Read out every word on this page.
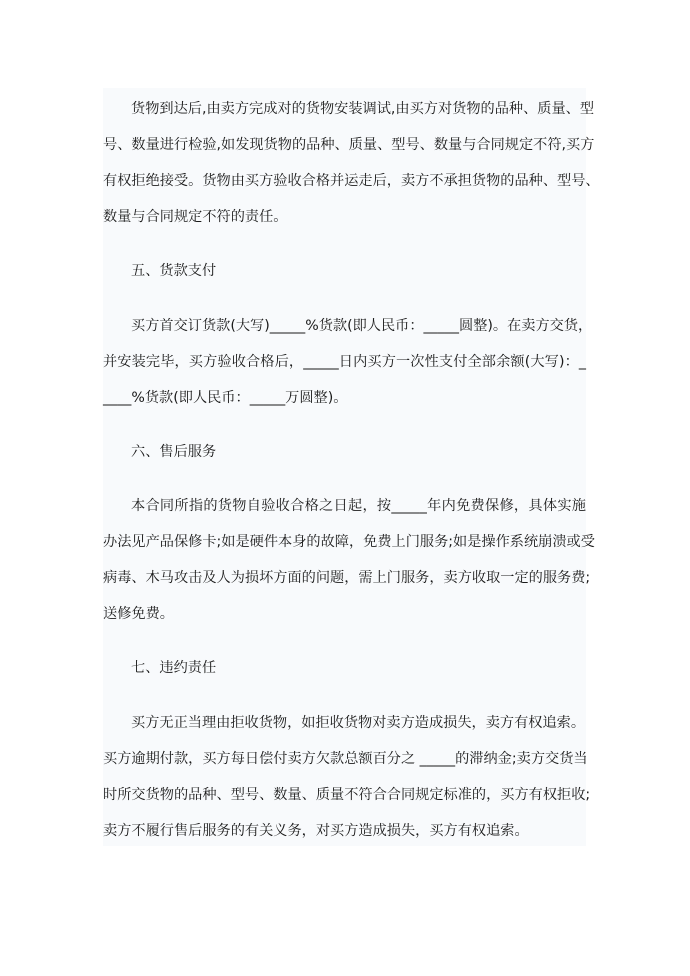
货物到达后,由卖方完成对的货物安装调试,由买方对货物的品种、质量、型
号、数量进行检验,如发现货物的品种、质量、型号、数量与合同规定不符,买方
有权拒绝接受。货物由买方验收合格并运走后，卖方不承担货物的品种、型号、
数量与合同规定不符的责任。
五、货款支付
买方首交订货款(大写)_____%货款(即人民币：_____圆整)。在卖方交货，
并安装完毕，买方验收合格后，_____日内买方一次性支付全部余额(大写)：_
____%货款(即人民币：_____万圆整)。
六、售后服务
本合同所指的货物自验收合格之日起，按_____年内免费保修，具体实施
办法见产品保修卡;如是硬件本身的故障，免费上门服务;如是操作系统崩溃或受
病毒、木马攻击及人为损坏方面的问题，需上门服务，卖方收取一定的服务费;
送修免费。
七、违约责任
买方无正当理由拒收货物，如拒收货物对卖方造成损失，卖方有权追索。
买方逾期付款，买方每日偿付卖方欠款总额百分之 _____的滞纳金;卖方交货当
时所交货物的品种、型号、数量、质量不符合合同规定标准的，买方有权拒收;
卖方不履行售后服务的有关义务，对买方造成损失，买方有权追索。
